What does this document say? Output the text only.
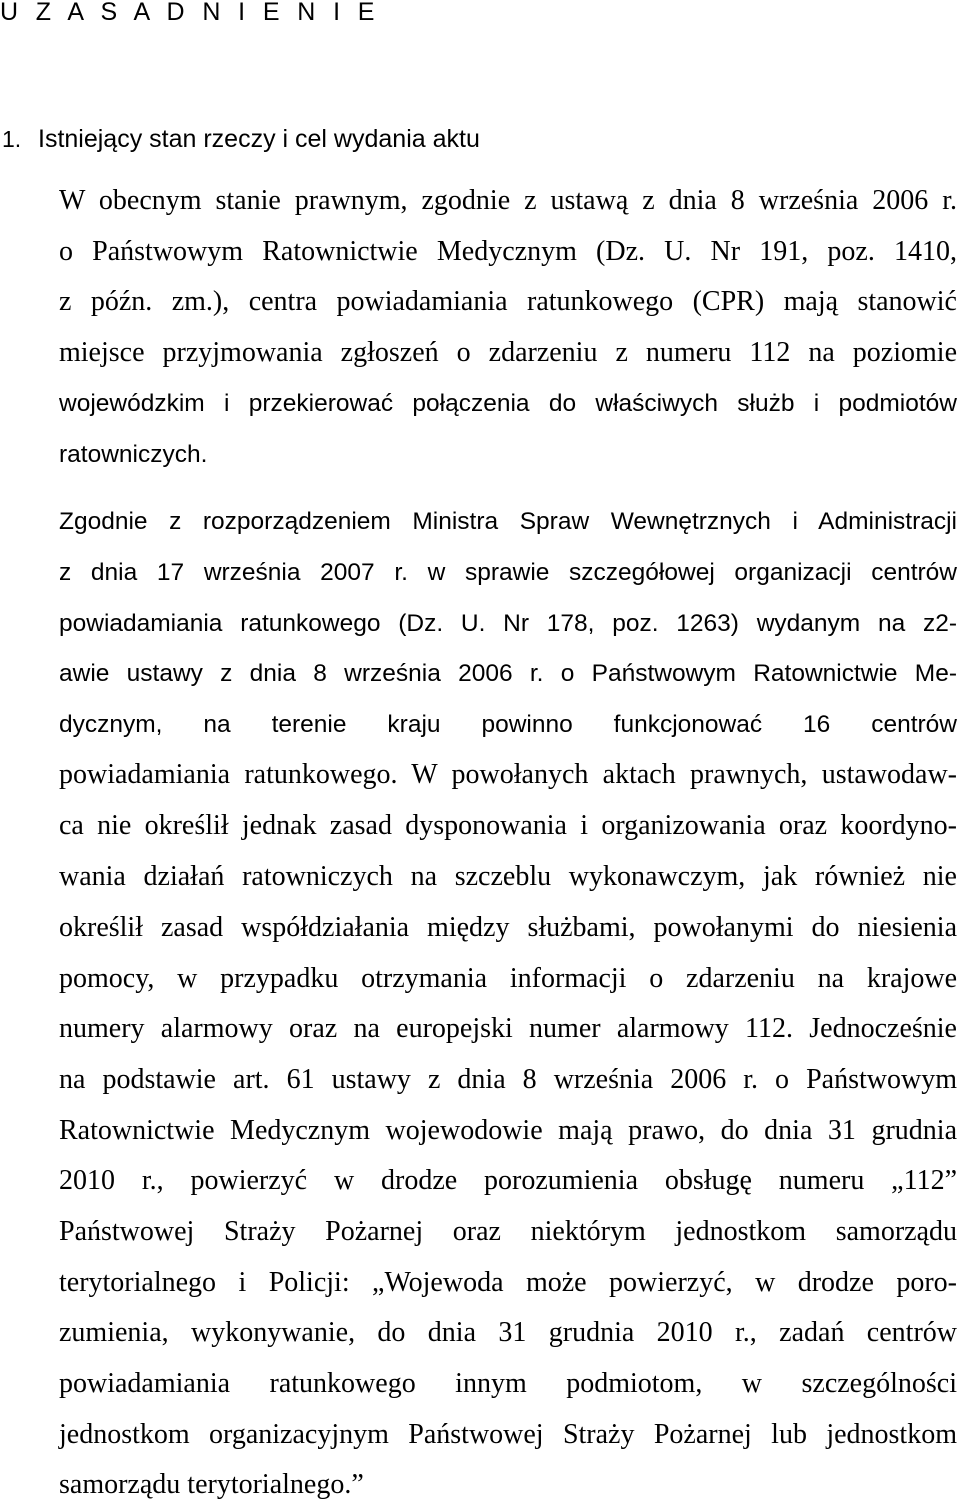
U Z A S A D N I E N I E
1. Istniejący stan rzeczy i cel wydania aktu
W obecnym stanie prawnym, zgodnie z ustawą z dnia 8 września 2006 r.
o Państwowym Ratownictwie Medycznym (Dz. U. Nr 191, poz. 1410,
z późn. zm.), centra powiadamiania ratunkowego (CPR) mają stanowić
miejsce przyjmowania zgłoszeń o zdarzeniu z numeru 112 na poziomie
wojewódzkim i przekierować połączenia do właściwych służb i podmiotów
ratowniczych.
Zgodnie z rozporządzeniem Ministra Spraw Wewnętrznych i Administracji
z dnia 17 września 2007 r. w sprawie szczegółowej organizacji centrów
powiadamiania ratunkowego (Dz. U. Nr 178, poz. 1263) wydanym na z2-
awie ustawy z dnia 8 września 2006 r. o Państwowym Ratownictwie Me-
dycznym, na terenie kraju powinno funkcjonować 16 centrów
powiadamiania ratunkowego. W powołanych aktach prawnych, ustawodaw-
ca nie określił jednak zasad dysponowania i organizowania oraz koordyno-
wania działań ratowniczych na szczeblu wykonawczym, jak również nie
określił zasad współdziałania między służbami, powołanymi do niesienia
pomocy, w przypadku otrzymania informacji o zdarzeniu na krajowe
numery alarmowy oraz na europejski numer alarmowy 112. Jednocześnie
na podstawie art. 61 ustawy z dnia 8 września 2006 r. o Państwowym
Ratownictwie Medycznym wojewodowie mają prawo, do dnia 31 grudnia
2010 r., powierzyć w drodze porozumienia obsługę numeru „112”
Państwowej Straży Pożarnej oraz niektórym jednostkom samorządu
terytorialnego i Policji: „Wojewoda może powierzyć, w drodze poro-
zumienia, wykonywanie, do dnia 31 grudnia 2010 r., zadań centrów
powiadamiania ratunkowego innym podmiotom, w szczególności
jednostkom organizacyjnym Państwowej Straży Pożarnej lub jednostkom
samorządu terytorialnego.”
